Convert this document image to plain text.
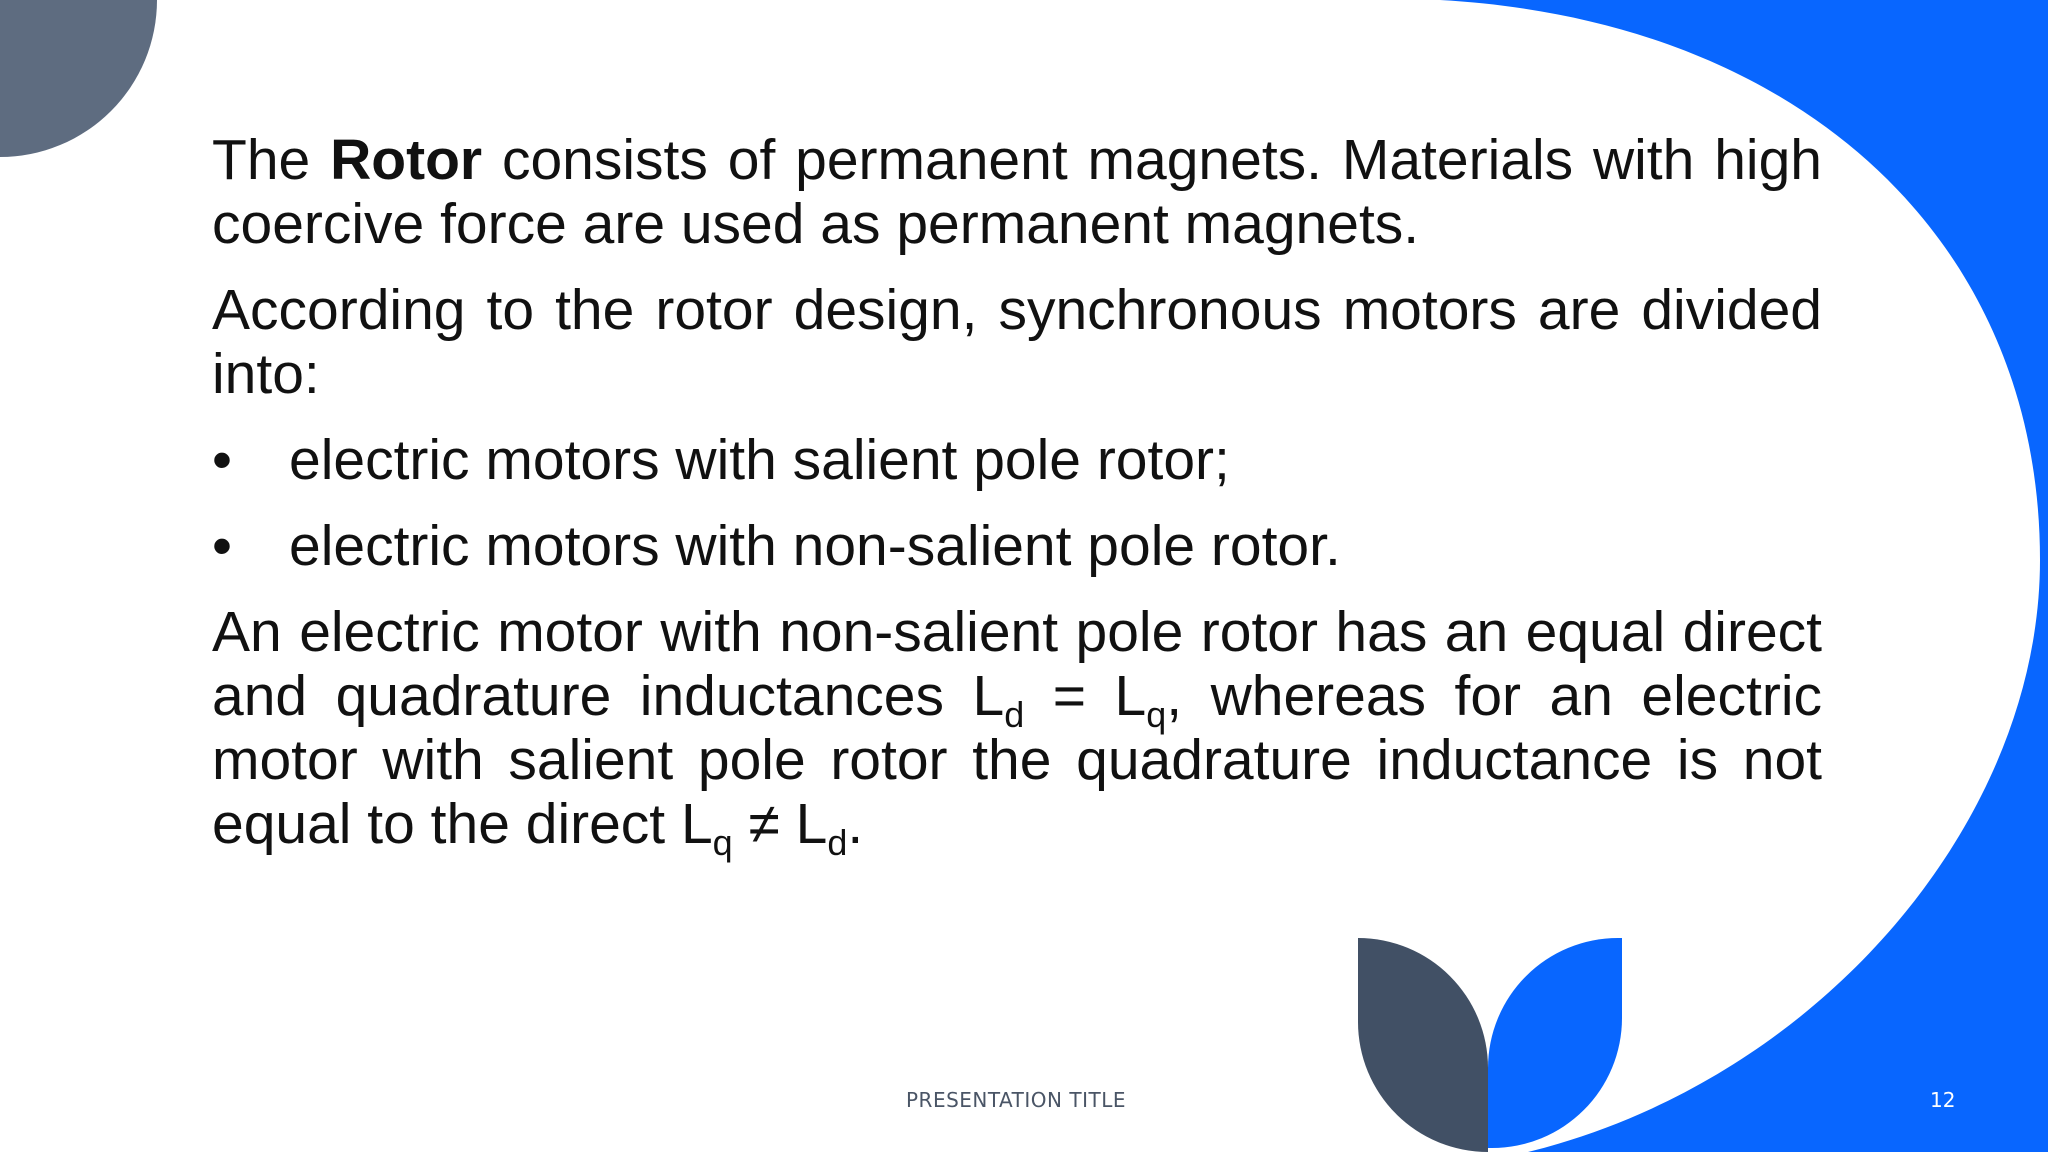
The Rotor consists of permanent magnets. Materials with high coercive force are used as permanent magnets.

According to the rotor design, synchronous motors are divided into:

• electric motors with salient pole rotor;
• electric motors with non-salient pole rotor.

An electric motor with non-salient pole rotor has an equal direct and quadrature inductances $L_d = L_q$, whereas for an electric motor with salient pole rotor the quadrature inductance is not equal to the direct $L_q \ne L_d$.

PRESENTATION TITLE	12
